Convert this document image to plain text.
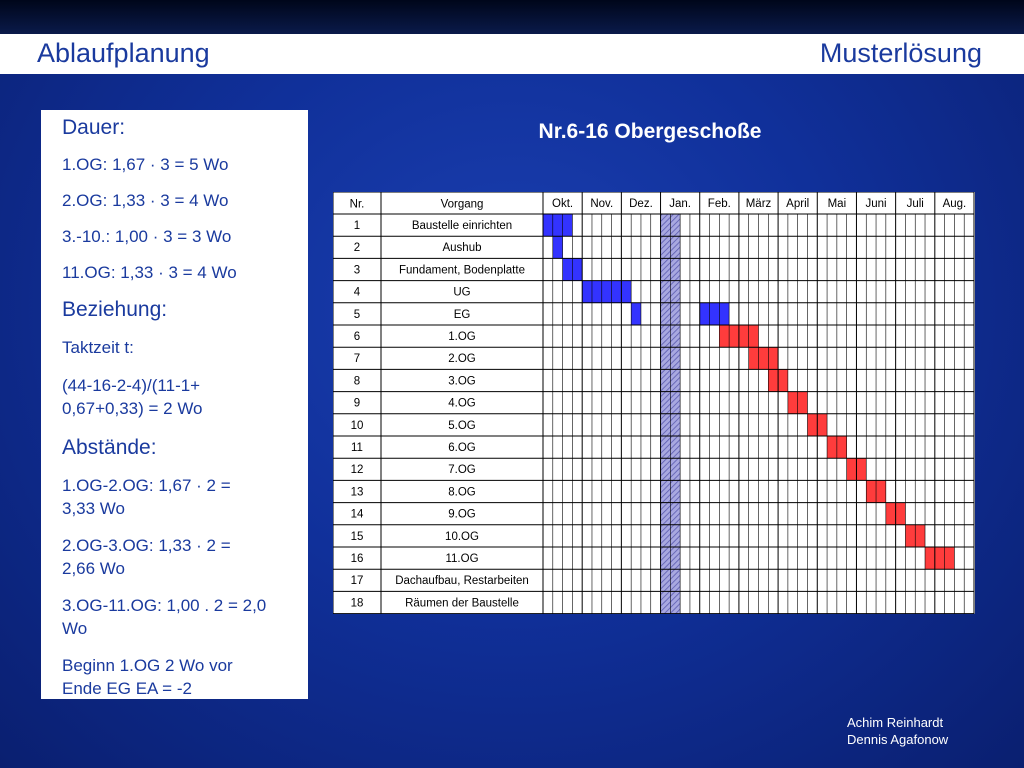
Ablaufplanung	Musterlösung
Dauer:
1.OG: 1,67 · 3 = 5 Wo
2.OG: 1,33 · 3 = 4 Wo
3.-10.: 1,00 · 3 = 3 Wo
11.OG: 1,33 · 3 = 4 Wo
Beziehung:
Taktzeit t:
(44-16-2-4)/(11-1+
0,67+0,33) = 2 Wo
Abstände:
1.OG-2.OG: 1,67 · 2 =
3,33 Wo
2.OG-3.OG: 1,33 · 2 =
2,66 Wo
3.OG-11.OG: 1,00 . 2 = 2,0
Wo
Beginn 1.OG 2 Wo vor
Ende EG EA = -2
Nr.6-16 Obergeschoße
Nr.	Vorgang	Okt. Nov. Dez. Jan. Feb. März April Mai Juni Juli Aug.
1	Baustelle einrichten
2	Aushub
3	Fundament, Bodenplatte
4	UG
5	EG
6	1.OG
7	2.OG
8	3.OG
9	4.OG
10	5.OG
11	6.OG
12	7.OG
13	8.OG
14	9.OG
15	10.OG
16	11.OG
17	Dachaufbau, Restarbeiten
18	Räumen der Baustelle
Achim Reinhardt
Dennis Agafonow
